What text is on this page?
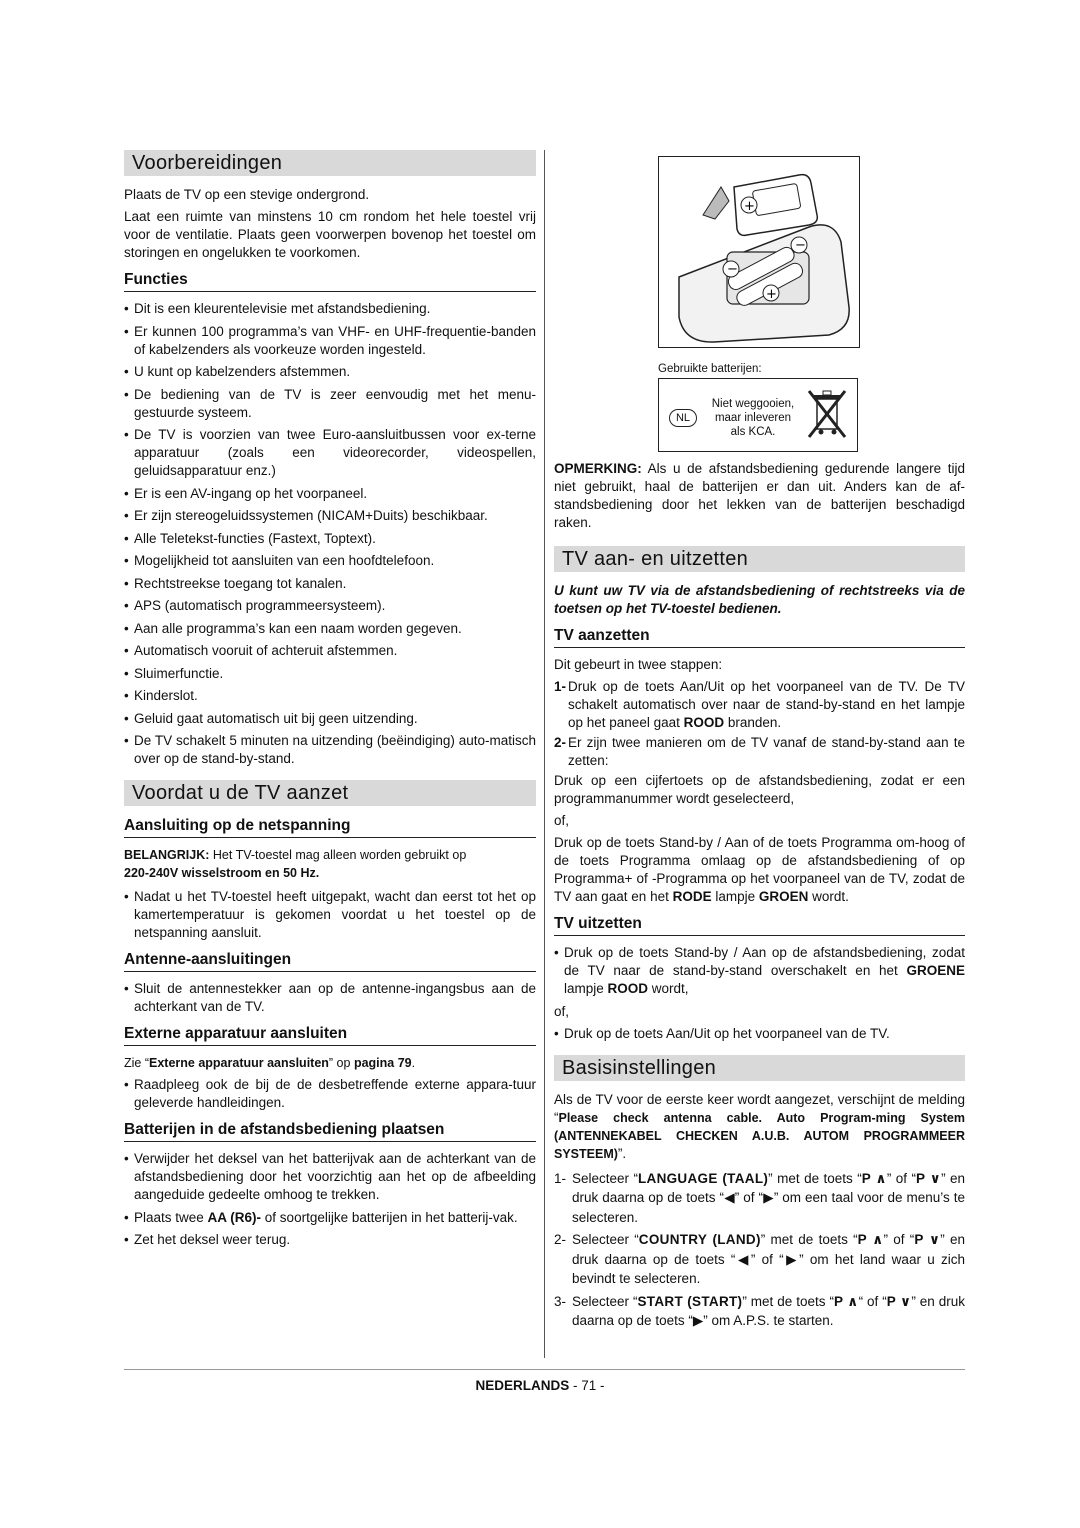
Voorbereidingen

Plaats de TV op een stevige ondergrond.

Laat een ruimte van minstens 10 cm rondom het hele toestel vrij voor de ventilatie. Plaats geen voorwerpen bovenop het toestel om storingen en ongelukken te voorkomen.

Functies
• Dit is een kleurentelevisie met afstandsbediening.
• Er kunnen 100 programma’s van VHF- en UHF-frequentie-banden of kabelzenders als voorkeuze worden ingesteld.
• U kunt op kabelzenders afstemmen.
• De bediening van de TV is zeer eenvoudig met het menu-gestuurde systeem.
• De TV is voorzien van twee Euro-aansluitbussen voor ex-terne apparatuur (zoals een videorecorder, videospellen, geluidsapparatuur enz.)
• Er is een AV-ingang op het voorpaneel.
• Er zijn stereogeluidssystemen (NICAM+Duits) beschikbaar.
• Alle Teletekst-functies (Fastext, Toptext).
• Mogelijkheid tot aansluiten van een hoofdtelefoon.
• Rechtstreekse toegang tot kanalen.
• APS (automatisch programmeersysteem).
• Aan alle programma’s kan een naam worden gegeven.
• Automatisch vooruit of achteruit afstemmen.
• Sluimerfunctie.
• Kinderslot.
• Geluid gaat automatisch uit bij geen uitzending.
• De TV schakelt 5 minuten na uitzending (beëindiging) auto-matisch over op de stand-by-stand.
Voordat u de TV aanzet
Aansluiting op de netspanning

BELANGRIJK: Het TV-toestel mag alleen worden gebruikt op
220-240V wisselstroom en 50 Hz.

• Nadat u het TV-toestel heeft uitgepakt, wacht dan eerst tot het op kamertemperatuur is gekomen voordat u het toestel op de netspanning aansluit.
Antenne-aansluitingen
• Sluit de antennestekker aan op de antenne-ingangsbus aan de achterkant van de TV.
Externe apparatuur aansluiten

Zie “Externe apparatuur aansluiten” op pagina 79.

• Raadpleeg ook de bij de de desbetreffende externe appara-tuur geleverde handleidingen.
Batterijen in de afstandsbediening plaatsen
• Verwijder het deksel van het batterijvak aan de achterkant van de afstandsbediening door het voorzichtig aan het op de afbeelding aangeduide gedeelte omhoog te trekken.
• Plaats twee AA (R6)- of soortgelijke batterijen in het batterij-vak.
• Zet het deksel weer terug.
+
−
−
+
Gebruikte batterijen:
NL
Niet weggooien,
maar inleveren
als KCA.

OPMERKING: Als u de afstandsbediening gedurende langere tijd niet gebruikt, haal de batterijen er dan uit. Anders kan de af-standsbediening door het lekken van de batterijen beschadigd raken.

TV aan- en uitzetten

U kunt uw TV via de afstandsbediening of rechtstreeks via de toetsen op het TV-toestel bedienen.

TV aanzetten

Dit gebeurt in twee stappen:

1- Druk op de toets Aan/Uit op het voorpaneel van de TV. De TV schakelt automatisch over naar de stand-by-stand en het lampje op het paneel gaat ROOD branden.
2- Er zijn twee manieren om de TV vanaf de stand-by-stand aan te zetten:

Druk op een cijfertoets op de afstandsbediening, zodat er een programmanummer wordt geselecteerd,

of,

Druk op de toets Stand-by / Aan of de toets Programma om-hoog of de toets Programma omlaag op de afstandsbediening of op Programma+ of -Programma op het voorpaneel van de TV, zodat de TV aan gaat en het RODE lampje GROEN wordt.

TV uitzetten
• Druk op de toets Stand-by / Aan op de afstandsbediening, zodat de TV naar de stand-by-stand overschakelt en het GROENE lampje ROOD wordt,

of,

• Druk op de toets Aan/Uit op het voorpaneel van de TV.
Basisinstellingen

Als de TV voor de eerste keer wordt aangezet, verschijnt de melding “Please check antenna cable. Auto Program-ming System (ANTENNEKABEL CHECKEN A.U.B. AUTOM PROGRAMMEER SYSTEEM)”.

1- Selecteer “LANGUAGE (TAAL)” met de toets “P ∧” of “P ∨” en druk daarna op de toets “◀” of “▶” om een taal voor de menu’s te selecteren.
2- Selecteer “COUNTRY (LAND)” met de toets “P ∧” of “P ∨” en druk daarna op de toets “◀” of “▶” om het land waar u zich bevindt te selecteren.
3- Selecteer “START (START)” met de toets “P ∧“ of “P ∨” en druk daarna op de toets “▶” om A.P.S. te starten.
NEDERLANDS - 71 -
